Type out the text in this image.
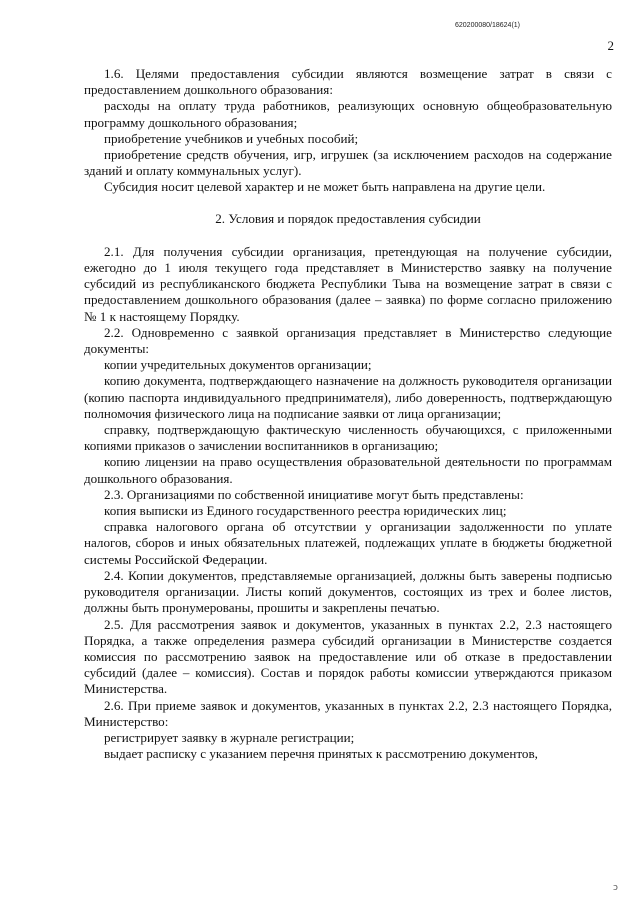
620200080/18624(1)
2

1.6. Целями предоставления субсидии являются возмещение затрат в связи с предоставлением дошкольного образования:

расходы на оплату труда работников, реализующих основную общеобразовательную программу дошкольного образования;

приобретение учебников и учебных пособий;

приобретение средств обучения, игр, игрушек (за исключением расходов на содержание зданий и оплату коммунальных услуг).

Субсидия носит целевой характер и не может быть направлена на другие цели.

2. Условия и порядок предоставления субсидии

2.1. Для получения субсидии организация, претендующая на получение субсидии, ежегодно до 1 июля текущего года представляет в Министерство заявку на получение субсидий из республиканского бюджета Республики Тыва на возмещение затрат в связи с предоставлением дошкольного образования (далее – заявка) по форме согласно приложению № 1 к настоящему Порядку.

2.2. Одновременно с заявкой организация представляет в Министерство следующие документы:

копии учредительных документов организации;

копию документа, подтверждающего назначение на должность руководителя организации (копию паспорта индивидуального предпринимателя), либо доверенность, подтверждающую полномочия физического лица на подписание заявки от лица организации;

справку, подтверждающую фактическую численность обучающихся, с приложенными копиями приказов о зачислении воспитанников в организацию;

копию лицензии на право осуществления образовательной деятельности по программам дошкольного образования.

2.3. Организациями по собственной инициативе могут быть представлены:

копия выписки из Единого государственного реестра юридических лиц;

справка налогового органа об отсутствии у организации задолженности по уплате налогов, сборов и иных обязательных платежей, подлежащих уплате в бюджеты бюджетной системы Российской Федерации.

2.4. Копии документов, представляемые организацией, должны быть заверены подписью руководителя организации. Листы копий документов, состоящих из трех и более листов, должны быть пронумерованы, прошиты и закреплены печатью.

2.5. Для рассмотрения заявок и документов, указанных в пунктах 2.2, 2.3 настоящего Порядка, а также определения размера субсидий организации в Министерстве создается комиссия по рассмотрению заявок на предоставление или об отказе в предоставлении субсидий (далее – комиссия). Состав и порядок работы комиссии утверждаются приказом Министерства.

2.6. При приеме заявок и документов, указанных в пунктах 2.2, 2.3 настоящего Порядка, Министерство:

регистрирует заявку в журнале регистрации;

выдает расписку с указанием перечня принятых к рассмотрению документов,

ↄ
